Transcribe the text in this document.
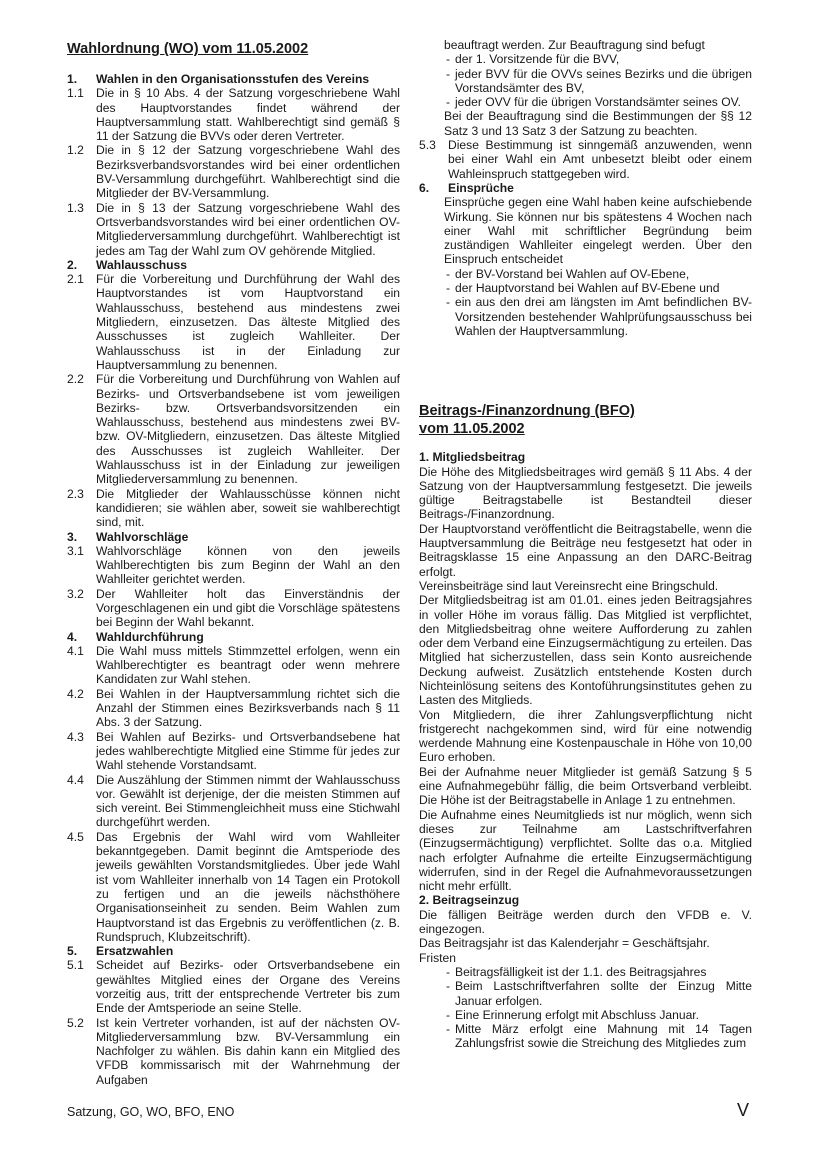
Wahlordnung (WO) vom 11.05.2002
1. Wahlen in den Organisationsstufen des Vereins
1.1 Die in § 10 Abs. 4 der Satzung vorgeschriebene Wahl des Hauptvorstandes findet während der Hauptversammlung statt. Wahlberechtigt sind gemäß § 11 der Satzung die BVVs oder deren Vertreter.
1.2 Die in § 12 der Satzung vorgeschriebene Wahl des Bezirksverbandsvorstandes wird bei einer ordentlichen BV-Versammlung durchgeführt. Wahlberechtigt sind die Mitglieder der BV-Versammlung.
1.3 Die in § 13 der Satzung vorgeschriebene Wahl des Ortsverbandsvorstandes wird bei einer ordentlichen OV-Mitgliederversammlung durchgeführt. Wahlberechtigt ist jedes am Tag der Wahl zum OV gehörende Mitglied.
2. Wahlausschuss
2.1 Für die Vorbereitung und Durchführung der Wahl des Hauptvorstandes ist vom Hauptvorstand ein Wahlausschuss, bestehend aus mindestens zwei Mitgliedern, einzusetzen. Das älteste Mitglied des Ausschusses ist zugleich Wahlleiter. Der Wahlausschuss ist in der Einladung zur Hauptversammlung zu benennen.
2.2 Für die Vorbereitung und Durchführung von Wahlen auf Bezirks- und Ortsverbandsebene ist vom jeweiligen Bezirks- bzw. Ortsverbandsvorsitzenden ein Wahlausschuss, bestehend aus mindestens zwei BV- bzw. OV-Mitgliedern, einzusetzen. Das älteste Mitglied des Ausschusses ist zugleich Wahlleiter. Der Wahlausschuss ist in der Einladung zur jeweiligen Mitgliederversammlung zu benennen.
2.3 Die Mitglieder der Wahlausschüsse können nicht kandidieren; sie wählen aber, soweit sie wahlberechtigt sind, mit.
3. Wahlvorschläge
3.1 Wahlvorschläge können von den jeweils Wahlberechtigten bis zum Beginn der Wahl an den Wahlleiter gerichtet werden.
3.2 Der Wahlleiter holt das Einverständnis der Vorgeschlagenen ein und gibt die Vorschläge spätestens bei Beginn der Wahl bekannt.
4. Wahldurchführung
4.1 Die Wahl muss mittels Stimmzettel erfolgen, wenn ein Wahlberechtigter es beantragt oder wenn mehrere Kandidaten zur Wahl stehen.
4.2 Bei Wahlen in der Hauptversammlung richtet sich die Anzahl der Stimmen eines Bezirksverbands nach § 11 Abs. 3 der Satzung.
4.3 Bei Wahlen auf Bezirks- und Ortsverbandsebene hat jedes wahlberechtigte Mitglied eine Stimme für jedes zur Wahl stehende Vorstandsamt.
4.4 Die Auszählung der Stimmen nimmt der Wahlausschuss vor. Gewählt ist derjenige, der die meisten Stimmen auf sich vereint. Bei Stimmengleichheit muss eine Stichwahl durchgeführt werden.
4.5 Das Ergebnis der Wahl wird vom Wahlleiter bekanntgegeben. Damit beginnt die Amtsperiode des jeweils gewählten Vorstandsmitgliedes. Über jede Wahl ist vom Wahlleiter innerhalb von 14 Tagen ein Protokoll zu fertigen und an die jeweils nächsthöhere Organisationseinheit zu senden. Beim Wahlen zum Hauptvorstand ist das Ergebnis zu veröffentlichen (z. B. Rundspruch, Klubzeitschrift).
5. Ersatzwahlen
5.1 Scheidet auf Bezirks- oder Ortsverbandsebene ein gewähltes Mitglied eines der Organe des Vereins vorzeitig aus, tritt der entsprechende Vertreter bis zum Ende der Amtsperiode an seine Stelle.
5.2 Ist kein Vertreter vorhanden, ist auf der nächsten OV-Mitgliederversammlung bzw. BV-Versammlung ein Nachfolger zu wählen. Bis dahin kann ein Mitglied des VFDB kommissarisch mit der Wahrnehmung der Aufgaben

beauftragt werden. Zur Beauftragung sind befugt

- der 1. Vorsitzende für die BVV,
- jeder BVV für die OVVs seines Bezirks und die übrigen Vorstandsämter des BV,
- jeder OVV für die übrigen Vorstandsämter seines OV.

Bei der Beauftragung sind die Bestimmungen der §§ 12 Satz 3 und 13 Satz 3 der Satzung zu beachten.

5.3 Diese Bestimmung ist sinngemäß anzuwenden, wenn bei einer Wahl ein Amt unbesetzt bleibt oder einem Wahleinspruch stattgegeben wird.
6. Einsprüche

Einsprüche gegen eine Wahl haben keine aufschiebende Wirkung. Sie können nur bis spätestens 4 Wochen nach einer Wahl mit schriftlicher Begründung beim zuständigen Wahlleiter eingelegt werden. Über den Einspruch entscheidet

- der BV-Vorstand bei Wahlen auf OV-Ebene,
- der Hauptvorstand bei Wahlen auf BV-Ebene und
- ein aus den drei am längsten im Amt befindlichen BV-Vorsitzenden bestehender Wahlprüfungsausschuss bei Wahlen der Hauptversammlung.
Beitrags-/Finanzordnung (BFO)
vom 11.05.2002
1. Mitgliedsbeitrag

Die Höhe des Mitgliedsbeitrages wird gemäß § 11 Abs. 4 der Satzung von der Hauptversammlung festgesetzt. Die jeweils gültige Beitragstabelle ist Bestandteil dieser Beitrags-/Finanzordnung.

Der Hauptvorstand veröffentlicht die Beitragstabelle, wenn die Hauptversammlung die Beiträge neu festgesetzt hat oder in Beitragsklasse 15 eine Anpassung an den DARC-Beitrag erfolgt.

Vereinsbeiträge sind laut Vereinsrecht eine Bringschuld.

Der Mitgliedsbeitrag ist am 01.01. eines jeden Beitragsjahres in voller Höhe im voraus fällig. Das Mitglied ist verpflichtet, den Mitgliedsbeitrag ohne weitere Aufforderung zu zahlen oder dem Verband eine Einzugsermächtigung zu erteilen. Das Mitglied hat sicherzustellen, dass sein Konto ausreichende Deckung aufweist. Zusätzlich entstehende Kosten durch Nichteinlösung seitens des Kontoführungsinstitutes gehen zu Lasten des Mitglieds.

Von Mitgliedern, die ihrer Zahlungsverpflichtung nicht fristgerecht nachgekommen sind, wird für eine notwendig werdende Mahnung eine Kostenpauschale in Höhe von 10,00 Euro erhoben.

Bei der Aufnahme neuer Mitglieder ist gemäß Satzung § 5 eine Aufnahmegebühr fällig, die beim Ortsverband verbleibt. Die Höhe ist der Beitragstabelle in Anlage 1 zu entnehmen.

Die Aufnahme eines Neumitglieds ist nur möglich, wenn sich dieses zur Teilnahme am Lastschriftverfahren (Einzugsermächtigung) verpflichtet. Sollte das o.a. Mitglied nach erfolgter Aufnahme die erteilte Einzugsermächtigung widerrufen, sind in der Regel die Aufnahmevoraussetzungen nicht mehr erfüllt.

2. Beitragseinzug

Die fälligen Beiträge werden durch den VFDB e. V. eingezogen.

Das Beitragsjahr ist das Kalenderjahr = Geschäftsjahr.

Fristen

- Beitragsfälligkeit ist der 1.1. des Beitragsjahres
- Beim Lastschriftverfahren sollte der Einzug Mitte Januar erfolgen.
- Eine Erinnerung erfolgt mit Abschluss Januar.
- Mitte März erfolgt eine Mahnung mit 14 Tagen Zahlungsfrist sowie die Streichung des Mitgliedes zum
Satzung, GO, WO, BFO, ENO	V
